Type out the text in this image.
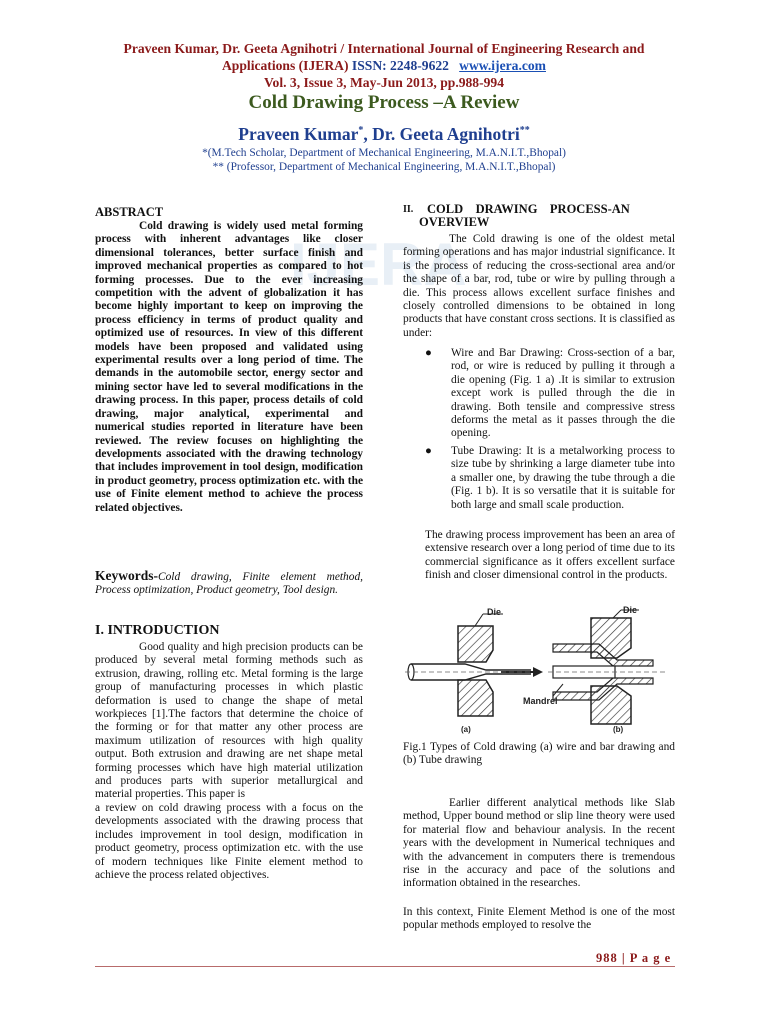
IJERA
Praveen Kumar, Dr. Geeta Agnihotri / International Journal of Engineering Research and
Applications (IJERA) ISSN: 2248-9622 www.ijera.com
Vol. 3, Issue 3, May-Jun 2013, pp.988-994
Cold Drawing Process –A Review
Praveen Kumar*, Dr. Geeta Agnihotri**
*(M.Tech Scholar, Department of Mechanical Engineering, M.A.N.I.T.,Bhopal)
** (Professor, Department of Mechanical Engineering, M.A.N.I.T.,Bhopal)
ABSTRACT
Cold drawing is widely used metal forming process with inherent advantages like closer dimensional tolerances, better surface finish and improved mechanical properties as compared to hot forming processes. Due to the ever increasing competition with the advent of globalization it has become highly important to keep on improving the process efficiency in terms of product quality and optimized use of resources. In view of this different models have been proposed and validated using experimental results over a long period of time. The demands in the automobile sector, energy sector and mining sector have led to several modifications in the drawing process. In this paper, process details of cold drawing, major analytical, experimental and numerical studies reported in literature have been reviewed. The review focuses on highlighting the developments associated with the drawing technology that includes improvement in tool design, modification in product geometry, process optimization etc. with the use of Finite element method to achieve the process related objectives.
Keywords-Cold drawing, Finite element method, Process optimization, Product geometry, Tool design.
I. INTRODUCTION
Good quality and high precision products can be produced by several metal forming methods such as extrusion, drawing, rolling etc. Metal forming is the large group of manufacturing processes in which plastic deformation is used to change the shape of metal workpieces [1].The factors that determine the choice of the forming or for that matter any other process are maximum utilization of resources with high quality output. Both extrusion and drawing are net shape metal forming processes which have high material utilization and produces parts with superior metallurgical and material properties. This paper is
a review on cold drawing process with a focus on the developments associated with the drawing process that includes improvement in tool design, modification in product geometry, process optimization etc. with the use of modern techniques like Finite element method to achieve the process related objectives.
II.	COLD    DRAWING    PROCESS-AN
OVERVIEW
The Cold drawing is one of the oldest metal forming operations and has major industrial significance. It is the process of reducing the cross-sectional area and/or the shape of a bar, rod, tube or wire by pulling through a die. This process allows excellent surface finishes and closely controlled dimensions to be obtained in long products that have constant cross sections. It is classified as under:
● Wire and Bar Drawing: Cross-section of a bar, rod, or wire is reduced by pulling it through a die opening (Fig. 1 a) .It is similar to extrusion except work is pulled through the die in drawing. Both tensile and compressive stress deforms the metal as it passes through the die opening.
● Tube Drawing: It is a metalworking process to size tube by shrinking a large diameter tube into a smaller one, by drawing the tube through a die (Fig. 1 b). It is so versatile that it is suitable for both large and small scale production.
The drawing process improvement has been an area of extensive research over a long period of time due to its commercial significance as it offers excellent surface finish and closer dimensional control in the products.
Die
(a)
Die
Mandrel
(b)
Fig.1 Types of Cold drawing (a) wire and bar drawing and (b) Tube drawing
Earlier different analytical methods like Slab method, Upper bound method or slip line theory were used for material flow and behaviour analysis. In the recent years with the development in Numerical techniques and with the advancement in computers there is tremendous rise in the accuracy and pace of the solutions and information obtained in the researches.
In this context, Finite Element Method is one of the most popular methods employed to resolve the
988 | P a g e
